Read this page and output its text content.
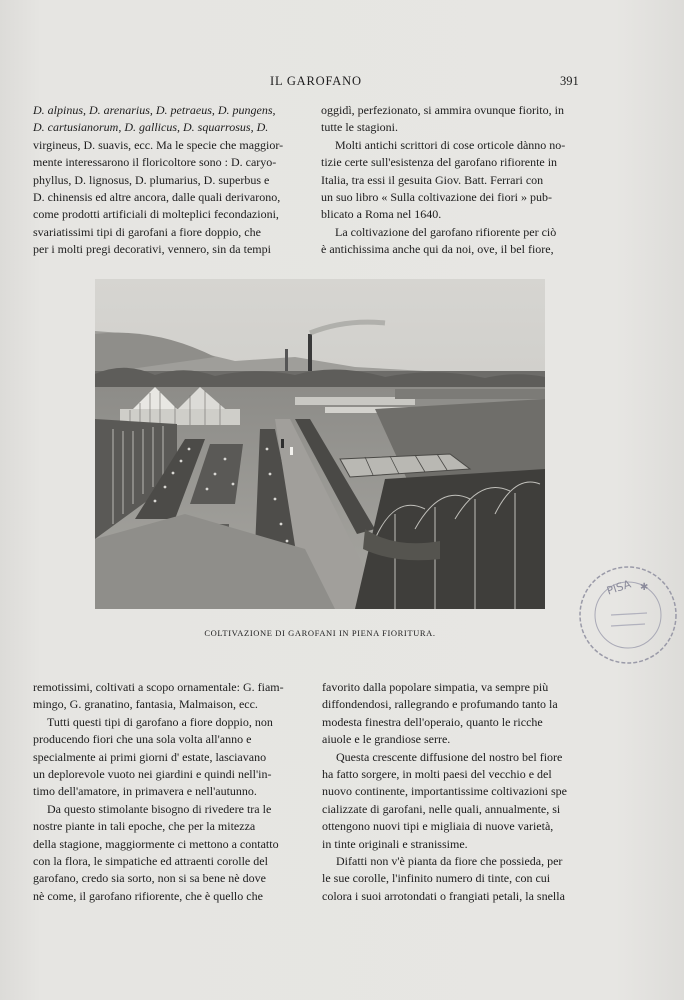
IL GAROFANO	391

D. alpinus, D. arenarius, D. petraeus, D. pungens,

D. cartusianorum, D. gallicus, D. squarrosus, D.

virgineus, D. suavis, ecc. Ma le specie che maggior-

mente interessarono il floricoltore sono : D. caryo-

phyllus, D. lignosus, D. plumarius, D. superbus e

D. chinensis ed altre ancora, dalle quali derivarono,

come prodotti artificiali di molteplici fecondazioni,

svariatissimi tipi di garofani a fiore doppio, che

per i molti pregi decorativi, vennero, sin da tempi

oggidì, perfezionato, si ammira ovunque fiorito, in

tutte le stagioni.

Molti antichi scrittori di cose orticole dànno no-

tizie certe sull'esistenza del garofano rifiorente in

Italia, tra essi il gesuita Giov. Batt. Ferrari con

un suo libro « Sulla coltivazione dei fiori » pub-

blicato a Roma nel 1640.

La coltivazione del garofano rifiorente per ciò

è antichissima anche qui da noi, ove, il bel fiore,

COLTIVAZIONE DI GAROFANI IN PIENA FIORITURA.
PISA ✱

remotissimi, coltivati a scopo ornamentale: G. fiam-

mingo, G. granatino, fantasia, Malmaison, ecc.

Tutti questi tipi di garofano a fiore doppio, non

producendo fiori che una sola volta all'anno e

specialmente ai primi giorni d' estate, lasciavano

un deplorevole vuoto nei giardini e quindi nell'in-

timo dell'amatore, in primavera e nell'autunno.

Da questo stimolante bisogno di rivedere tra le

nostre piante in tali epoche, che per la mitezza

della stagione, maggiormente ci mettono a contatto

con la flora, le simpatiche ed attraenti corolle del

garofano, credo sia sorto, non si sa bene nè dove

nè come, il garofano rifiorente, che è quello che

favorito dalla popolare simpatia, va sempre più

diffondendosi, rallegrando e profumando tanto la

modesta finestra dell'operaio, quanto le ricche

aiuole e le grandiose serre.

Questa crescente diffusione del nostro bel fiore

ha fatto sorgere, in molti paesi del vecchio e del

nuovo continente, importantissime coltivazioni spe

cializzate di garofani, nelle quali, annualmente, si

ottengono nuovi tipi e migliaia di nuove varietà,

in tinte originali e stranissime.

Difatti non v'è pianta da fiore che possieda, per

le sue corolle, l'infinito numero di tinte, con cui

colora i suoi arrotondati o frangiati petali, la snella
